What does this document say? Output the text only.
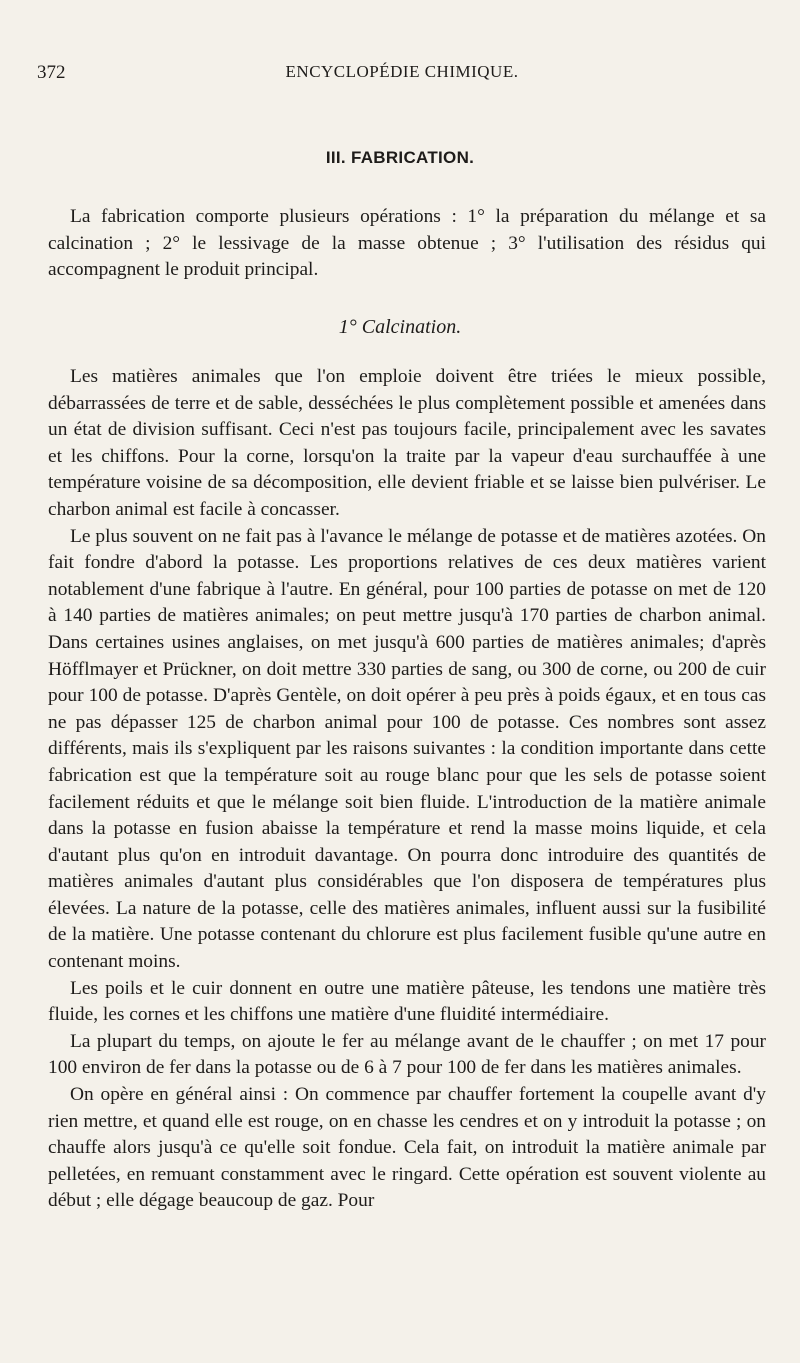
372	ENCYCLOPÉDIE CHIMIQUE.
III. FABRICATION.

La fabrication comporte plusieurs opérations : 1° la préparation du mélange et sa calcination ; 2° le lessivage de la masse obtenue ; 3° l'utilisation des résidus qui accompagnent le produit principal.

1° Calcination.

Les matières animales que l'on emploie doivent être triées le mieux possible, débarrassées de terre et de sable, desséchées le plus complètement possible et amenées dans un état de division suffisant. Ceci n'est pas toujours facile, principalement avec les savates et les chiffons. Pour la corne, lorsqu'on la traite par la vapeur d'eau surchauffée à une température voisine de sa décomposition, elle devient friable et se laisse bien pulvériser. Le charbon animal est facile à concasser.

Le plus souvent on ne fait pas à l'avance le mélange de potasse et de matières azotées. On fait fondre d'abord la potasse. Les proportions relatives de ces deux matières varient notablement d'une fabrique à l'autre. En général, pour 100 parties de potasse on met de 120 à 140 parties de matières animales; on peut mettre jusqu'à 170 parties de charbon animal. Dans certaines usines anglaises, on met jusqu'à 600 parties de matières animales; d'après Höfflmayer et Prückner, on doit mettre 330 parties de sang, ou 300 de corne, ou 200 de cuir pour 100 de potasse. D'après Gentèle, on doit opérer à peu près à poids égaux, et en tous cas ne pas dépasser 125 de charbon animal pour 100 de potasse. Ces nombres sont assez différents, mais ils s'expliquent par les raisons suivantes : la condition importante dans cette fabrication est que la température soit au rouge blanc pour que les sels de potasse soient facilement réduits et que le mélange soit bien fluide. L'introduction de la matière animale dans la potasse en fusion abaisse la température et rend la masse moins liquide, et cela d'autant plus qu'on en introduit davantage. On pourra donc introduire des quantités de matières animales d'autant plus considérables que l'on disposera de températures plus élevées. La nature de la potasse, celle des matières animales, influent aussi sur la fusibilité de la matière. Une potasse contenant du chlorure est plus facilement fusible qu'une autre en contenant moins.

Les poils et le cuir donnent en outre une matière pâteuse, les tendons une matière très fluide, les cornes et les chiffons une matière d'une fluidité intermédiaire.

La plupart du temps, on ajoute le fer au mélange avant de le chauffer ; on met 17 pour 100 environ de fer dans la potasse ou de 6 à 7 pour 100 de fer dans les matières animales.

On opère en général ainsi : On commence par chauffer fortement la coupelle avant d'y rien mettre, et quand elle est rouge, on en chasse les cendres et on y introduit la potasse ; on chauffe alors jusqu'à ce qu'elle soit fondue. Cela fait, on introduit la matière animale par pelletées, en remuant constamment avec le ringard. Cette opération est souvent violente au début ; elle dégage beaucoup de gaz. Pour
